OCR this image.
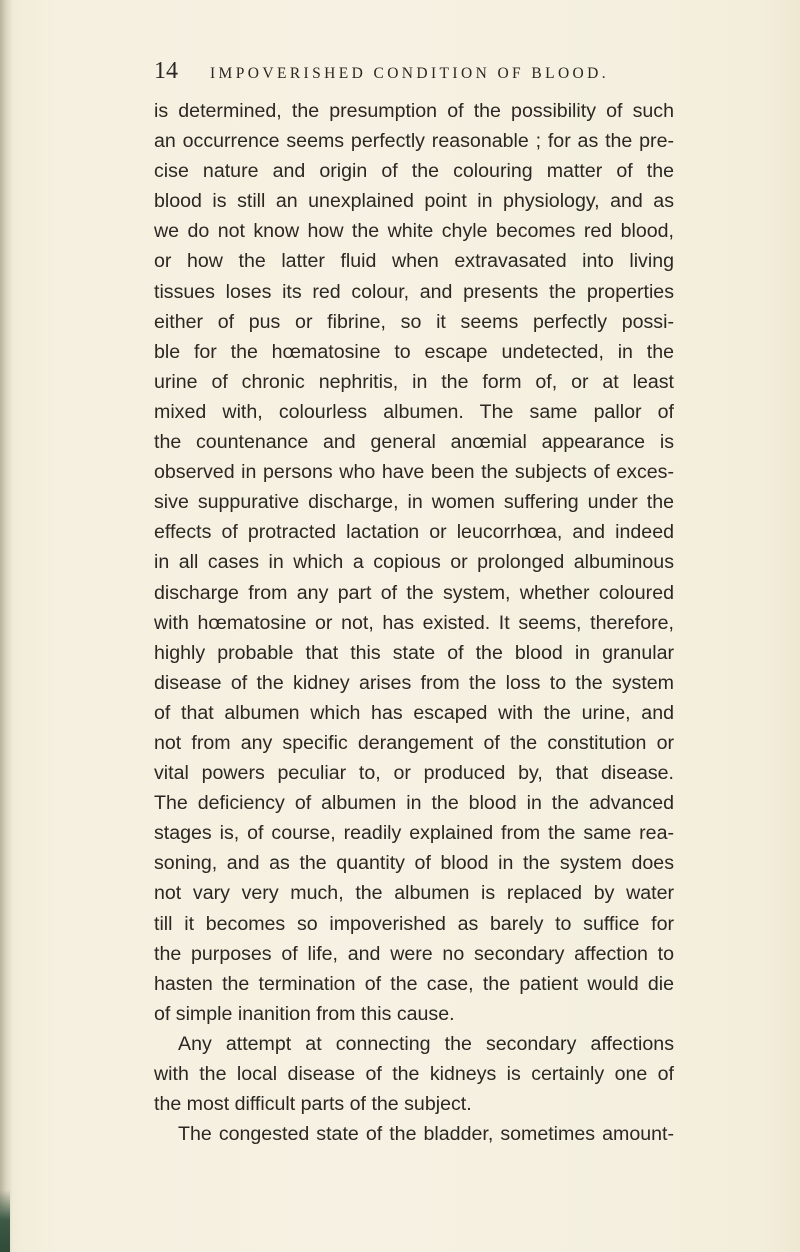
14 IMPOVERISHED CONDITION OF BLOOD.
is determined, the presumption of the possibility of such
an occurrence seems perfectly reasonable ; for as the pre-
cise nature and origin of the colouring matter of the
blood is still an unexplained point in physiology, and as
we do not know how the white chyle becomes red blood,
or how the latter fluid when extravasated into living
tissues loses its red colour, and presents the properties
either of pus or fibrine, so it seems perfectly possi-
ble for the hœmatosine to escape undetected, in the
urine of chronic nephritis, in the form of, or at least
mixed with, colourless albumen. The same pallor of
the countenance and general anœmial appearance is
observed in persons who have been the subjects of exces-
sive suppurative discharge, in women suffering under the
effects of protracted lactation or leucorrhœa, and indeed
in all cases in which a copious or prolonged albuminous
discharge from any part of the system, whether coloured
with hœmatosine or not, has existed. It seems, therefore,
highly probable that this state of the blood in granular
disease of the kidney arises from the loss to the system
of that albumen which has escaped with the urine, and
not from any specific derangement of the constitution or
vital powers peculiar to, or produced by, that disease.
The deficiency of albumen in the blood in the advanced
stages is, of course, readily explained from the same rea-
soning, and as the quantity of blood in the system does
not vary very much, the albumen is replaced by water
till it becomes so impoverished as barely to suffice for
the purposes of life, and were no secondary affection to
hasten the termination of the case, the patient would die
of simple inanition from this cause.
Any attempt at connecting the secondary affections
with the local disease of the kidneys is certainly one of
the most difficult parts of the subject.
The congested state of the bladder, sometimes amount-
